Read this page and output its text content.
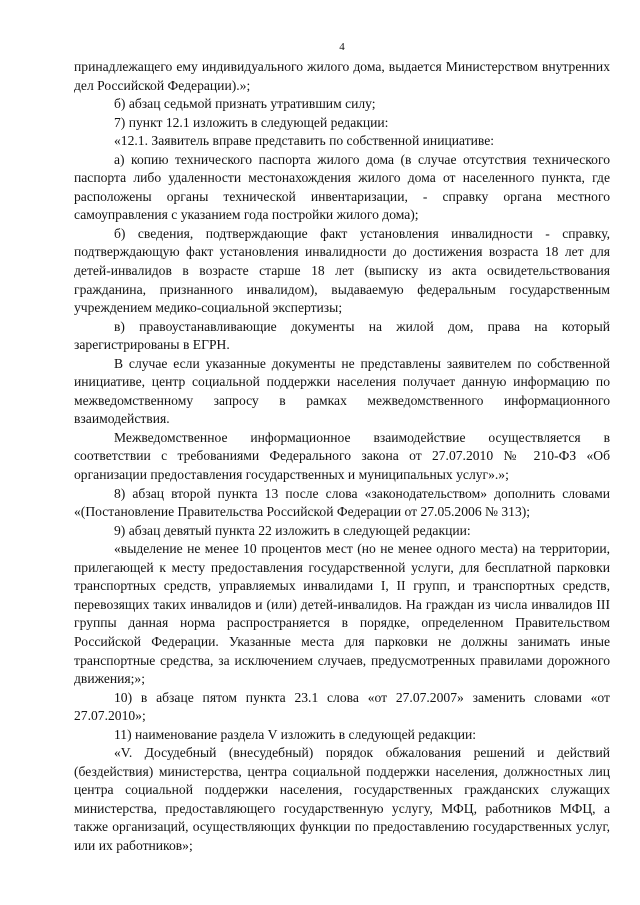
4

принадлежащего ему индивидуального жилого дома, выдается Министерством внутренних дел Российской Федерации).»;

б) абзац седьмой признать утратившим силу;

7) пункт 12.1 изложить в следующей редакции:

«12.1. Заявитель вправе представить по собственной инициативе:

а) копию технического паспорта жилого дома (в случае отсутствия технического паспорта либо удаленности местонахождения жилого дома от населенного пункта, где расположены органы технической инвентаризации, - справку органа местного самоуправления с указанием года постройки жилого дома);

б) сведения, подтверждающие факт установления инвалидности - справку, подтверждающую факт установления инвалидности до достижения возраста 18 лет для детей-инвалидов в возрасте старше 18 лет (выписку из акта освидетельствования гражданина, признанного инвалидом), выдаваемую федеральным государственным учреждением медико-социальной экспертизы;

в) правоустанавливающие документы на жилой дом, права на который зарегистрированы в ЕГРН.

В случае если указанные документы не представлены заявителем по собственной инициативе, центр социальной поддержки населения получает данную информацию по межведомственному запросу в рамках межведомственного информационного взаимодействия.

Межведомственное информационное взаимодействие осуществляется в соответствии с требованиями Федерального закона от 27.07.2010 № 210-ФЗ «Об организации предоставления государственных и муниципальных услуг».»;

8) абзац второй пункта 13 после слова «законодательством» дополнить словами «(Постановление Правительства Российской Федерации от 27.05.2006 № 313);

9) абзац девятый пункта 22 изложить в следующей редакции:

«выделение не менее 10 процентов мест (но не менее одного места) на территории, прилегающей к месту предоставления государственной услуги, для бесплатной парковки транспортных средств, управляемых инвалидами I, II групп, и транспортных средств, перевозящих таких инвалидов и (или) детей-инвалидов. На граждан из числа инвалидов III группы данная норма распространяется в порядке, определенном Правительством Российской Федерации. Указанные места для парковки не должны занимать иные транспортные средства, за исключением случаев, предусмотренных правилами дорожного движения;»;

10) в абзаце пятом пункта 23.1 слова «от 27.07.2007» заменить словами «от 27.07.2010»;

11) наименование раздела V изложить в следующей редакции:

«V. Досудебный (внесудебный) порядок обжалования решений и действий (бездействия) министерства, центра социальной поддержки населения, должностных лиц центра социальной поддержки населения, государственных гражданских служащих министерства, предоставляющего государственную услугу, МФЦ, работников МФЦ, а также организаций, осуществляющих функции по предоставлению государственных услуг, или их работников»;
